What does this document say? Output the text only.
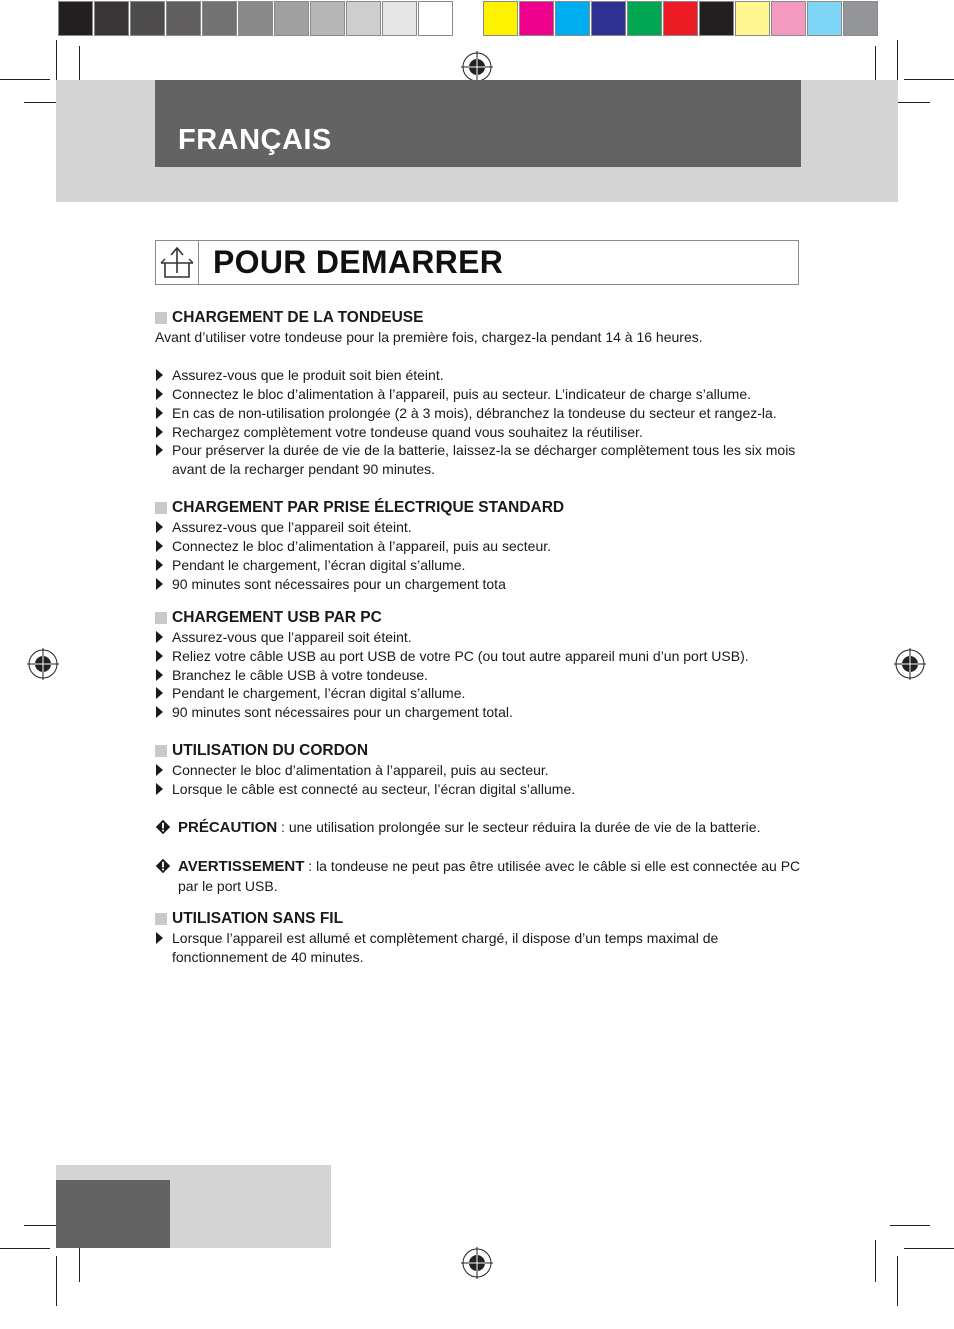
FRANÇAIS
POUR DEMARRER
CHARGEMENT DE LA TONDEUSE

Avant d’utiliser votre tondeuse pour la première fois, chargez-la pendant 14 à 16 heures.

Assurez-vous que le produit soit bien éteint.
Connectez le bloc d’alimentation à l’appareil, puis au secteur. L’indicateur de charge s’allume.
En cas de non-utilisation prolongée (2 à 3 mois), débranchez la tondeuse du secteur et rangez-la.
Rechargez complètement votre tondeuse quand vous souhaitez la réutiliser.
Pour préserver la durée de vie de la batterie, laissez-la se décharger complètement tous les six mois avant de la recharger pendant 90 minutes.
CHARGEMENT PAR PRISE ÉLECTRIQUE STANDARD
Assurez-vous que l’appareil soit éteint.
Connectez le bloc d’alimentation à l’appareil, puis au secteur.
Pendant le chargement, l’écran digital s’allume.
90 minutes sont nécessaires pour un chargement tota
CHARGEMENT USB PAR PC
Assurez-vous que l’appareil soit éteint.
Reliez votre câble USB au port USB de votre PC (ou tout autre appareil muni d’un port USB).
Branchez le câble USB à votre tondeuse.
Pendant le chargement, l’écran digital s’allume.
90 minutes sont nécessaires pour un chargement total.
UTILISATION DU CORDON
Connecter le bloc d’alimentation à l’appareil, puis au secteur.
Lorsque le câble est connecté au secteur, l’écran digital s’allume.
PRÉCAUTION : une utilisation prolongée sur le secteur réduira la durée de vie de la batterie.
AVERTISSEMENT : la tondeuse ne peut pas être utilisée avec le câble si elle est connectée au PC par le port USB.
UTILISATION SANS FIL
Lorsque l’appareil est allumé et complètement chargé, il dispose d’un temps maximal de fonctionnement de 40 minutes.
